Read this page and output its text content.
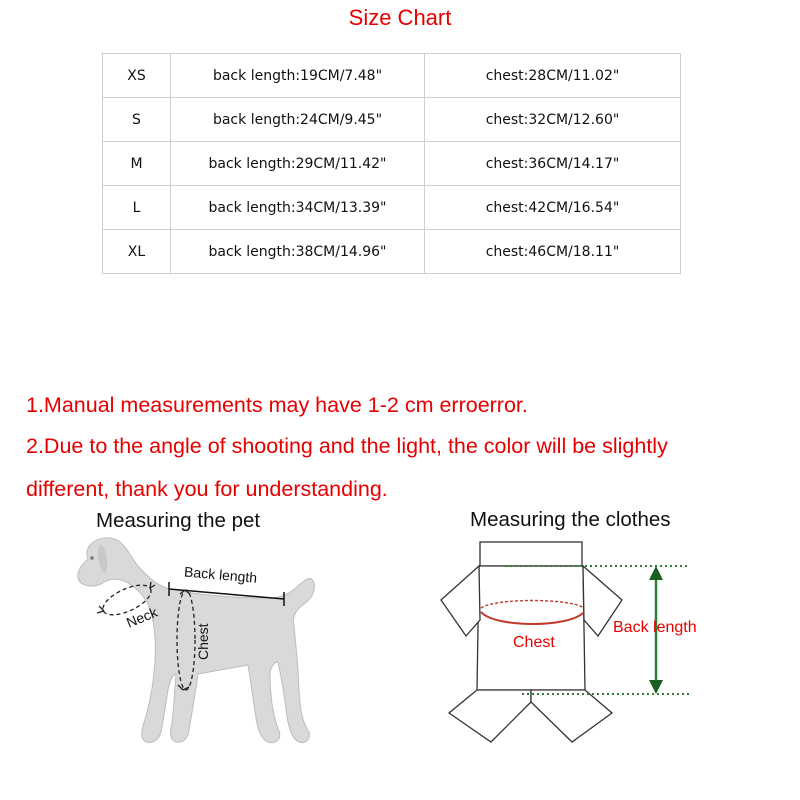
Size Chart
XS	back length:19CM/7.48"	chest:28CM/11.02"
S	back length:24CM/9.45"	chest:32CM/12.60"
M	back length:29CM/11.42"	chest:36CM/14.17"
L	back length:34CM/13.39"	chest:42CM/16.54"
XL	back length:38CM/14.96"	chest:46CM/18.11"
1.Manual measurements may have 1-2 cm erroerror.
2.Due to the angle of shooting and the light, the color will be slightly
different, thank you for understanding.
Measuring the pet	Measuring the clothes
Back length
Neck
Chest	Chest
Back length
